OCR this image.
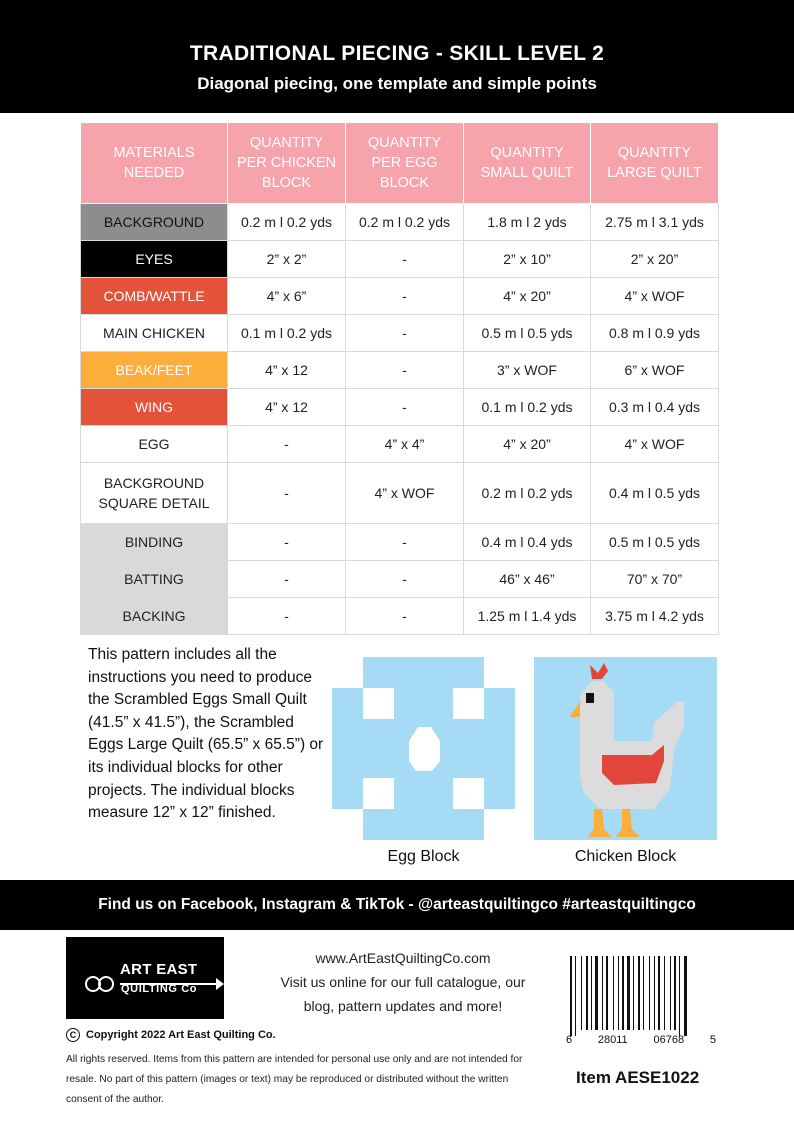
TRADITIONAL PIECING - SKILL LEVEL 2
Diagonal piecing, one template and simple points
MATERIALS
NEEDED	QUANTITY
PER CHICKEN
BLOCK	QUANTITY
PER EGG
BLOCK	QUANTITY
SMALL QUILT	QUANTITY
LARGE QUILT
BACKGROUND	0.2 m l 0.2 yds	0.2 m l 0.2 yds	1.8 m l 2 yds	2.75 m l 3.1 yds
EYES	2” x 2”	-	2” x 10”	2” x 20”
COMB/WATTLE	4” x 6”	-	4” x 20”	4” x WOF
MAIN CHICKEN	0.1 m l 0.2 yds	-	0.5 m l 0.5 yds	0.8 m l 0.9 yds
BEAK/FEET	4” x 12	-	3” x WOF	6” x WOF
WING	4” x 12	-	0.1 m l 0.2 yds	0.3 m l 0.4 yds
EGG	-	4” x 4”	4” x 20”	4” x WOF
BACKGROUND
SQUARE DETAIL	-	4” x WOF	0.2 m l 0.2 yds	0.4 m l 0.5 yds
BINDING	-	-	0.4 m l 0.4 yds	0.5 m l 0.5 yds
BATTING	-	-	46” x 46”	70” x 70”
BACKING	-	-	1.25 m l 1.4 yds	3.75 m l 4.2 yds
This pattern includes all the instructions you need to produce the Scrambled Eggs Small Quilt (41.5” x 41.5”), the Scrambled Eggs Large Quilt (65.5” x 65.5”) or its individual blocks for other projects. The individual blocks measure 12” x 12” finished.
Egg Block	Chicken Block
Find us on Facebook, Instagram & TikTok - @arteastquiltingco #arteastquiltingco
ART EAST
QUILTING Co
www.ArtEastQuiltingCo.com
Visit us online for our full catalogue, our
blog, pattern updates and more!
6 28011 06768 5
Item AESE1022
C Copyright 2022 Art East Quilting Co.
All rights reserved. Items from this pattern are intended for personal use only and are not intended for resale. No part of this pattern (images or text) may be reproduced or distributed without the written consent of the author.
